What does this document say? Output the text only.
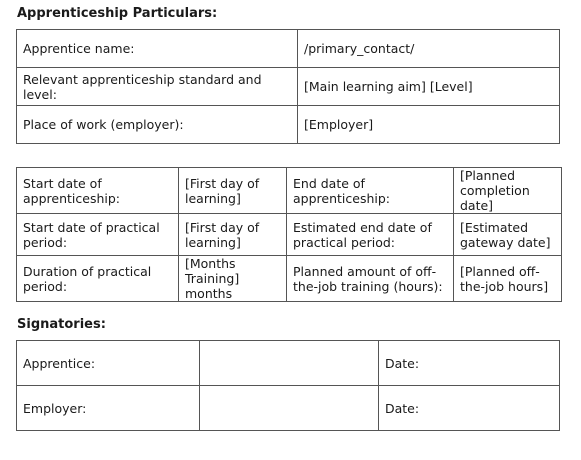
Apprenticeship Particulars:
Apprentice name:	/primary_contact/
Relevant apprenticeship standard and level:	[Main learning aim] [Level]
Place of work (employer):	[Employer]
Start date of apprenticeship:	[First day of learning]	End date of apprenticeship:	[Planned completion date]
Start date of practical period:	[First day of learning]	Estimated end date of practical period:	[Estimated gateway date]
Duration of practical period:	[Months Training] months	Planned amount of off-the-job training (hours):	[Planned off-the-job hours]
Signatories:
Apprentice:		Date:
Employer:		Date:
